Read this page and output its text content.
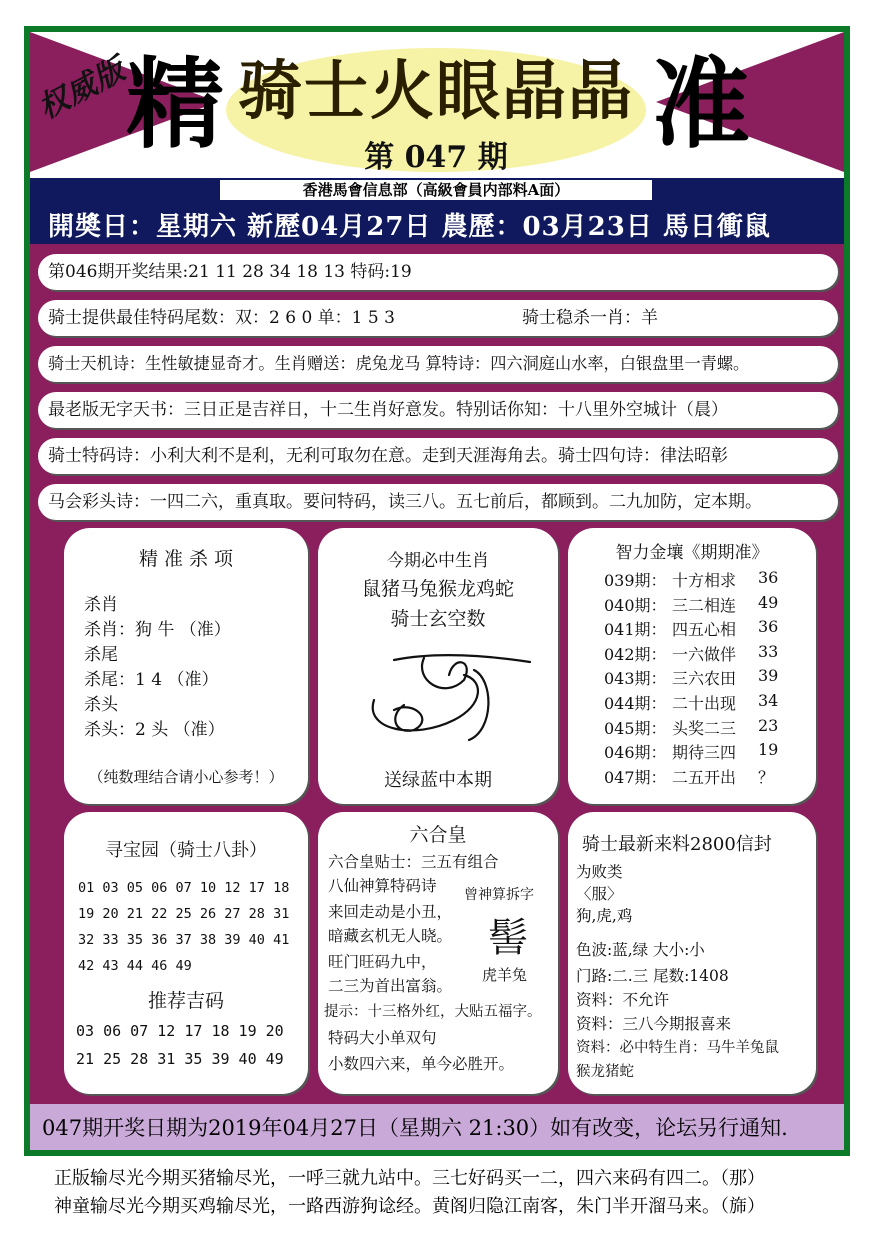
权威版
精	准
骑士火眼晶晶
第 047 期
香港馬會信息部（高級會員内部料A面）
開奬日：星期六 新歷04月27日 農歷：03月23日 馬日衝鼠
第046期开奖结果:21 11 28 34 18 13 特码:19
骑士提供最佳特码尾数：双：2 6 0 单：1 5 3	骑士稳杀一肖：羊
骑士天机诗：生性敏捷显奇才。生肖赠送：虎兔龙马 算特诗：四六洞庭山水率，白银盘里一青螺。
最老版无字天书：三日正是吉祥日，十二生肖好意发。特别话你知：十八里外空城计（晨）
骑士特码诗：小利大利不是利，无利可取勿在意。走到天涯海角去。骑士四句诗：律法昭彰
马会彩头诗：一四二六，重真取。要问特码，读三八。五七前后，都顾到。二九加防，定本期。
精 准 杀 项
杀肖
杀肖：狗 牛 （准）
杀尾
杀尾：1 4 （准）
杀头
杀头：2 头 （准）
（纯数理结合请小心参考！）
今期必中生肖
鼠猪马兔猴龙鸡蛇
骑士玄空数
送绿蓝中本期
智力金壤《期期准》
039期： 十方相求 36
040期： 三二相连 49
041期： 四五心相 36
042期： 一六做伴 33
043期： 三六农田 39
044期： 二十出现 34
045期： 头奖二三 23
046期： 期待三四 19
047期： 二五开出 ？
寻宝园（骑士八卦）
01 03 05 06 07 10 12 17 18
19 20 21 22 25 26 27 28 31
32 33 35 36 37 38 39 40 41
42 43 44 46 49
推荐吉码
03 06 07 12 17 18 19 20
21 25 28 31 35 39 40 49
六合皇
六合皇贴士：三五有组合
八仙神算特码诗
来回走动是小丑，
暗藏玄机无人晓。
旺门旺码九中，
二三为首出富翁。
曾神算拆字
髻
虎羊兔
提示：十三格外红，大贴五福字。
特码大小单双句
小数四六来，单今必胜开。
骑士最新来料2800信封
为败类
〈服〉
狗,虎,鸡
色波:蓝,绿 大小:小
门路:二.三 尾数:1408
资料：不允许
资料：三八今期报喜来
资料：必中特生肖：马牛羊兔鼠
猴龙猪蛇
047期开奖日期为2019年04月27日（星期六 21:30）如有改变，论坛另行通知.
正版输尽光今期买猪输尽光，一呼三就九站中。三七好码买一二，四六来码有四二。（那）
神童输尽光今期买鸡输尽光，一路西游狗谂经。黄阁归隐江南客，朱门半开溜马来。（旆）
